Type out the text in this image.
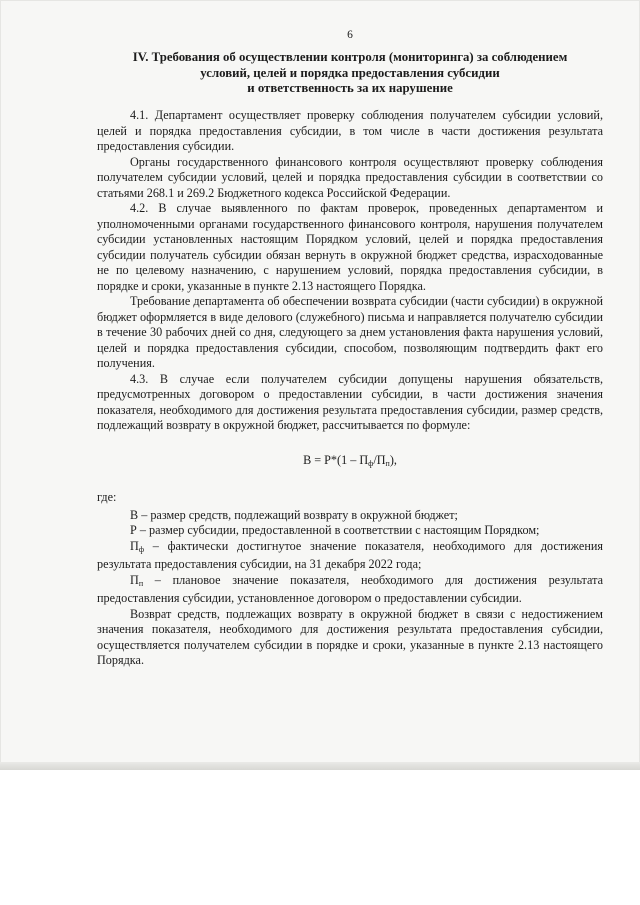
6
IV. Требования об осуществлении контроля (мониторинга) за соблюдением
условий, целей и порядка предоставления субсидии
и ответственность за их нарушение

4.1. Департамент осуществляет проверку соблюдения получателем субсидии условий, целей и порядка предоставления субсидии, в том числе в части достижения результата предоставления субсидии.

Органы государственного финансового контроля осуществляют проверку соблюдения получателем субсидии условий, целей и порядка предоставления субсидии в соответствии со статьями 268.1 и 269.2 Бюджетного кодекса Российской Федерации.

4.2. В случае выявленного по фактам проверок, проведенных департаментом и уполномоченными органами государственного финансового контроля, нарушения получателем субсидии установленных настоящим Порядком условий, целей и порядка предоставления субсидии получатель субсидии обязан вернуть в окружной бюджет средства, израсходованные не по целевому назначению, с нарушением условий, порядка предоставления субсидии, в порядке и сроки, указанные в пункте 2.13 настоящего Порядка.

Требование департамента об обеспечении возврата субсидии (части субсидии) в окружной бюджет оформляется в виде делового (служебного) письма и направляется получателю субсидии в течение 30 рабочих дней со дня, следующего за днем установления факта нарушения условий, целей и порядка предоставления субсидии, способом, позволяющим подтвердить факт его получения.

4.3. В случае если получателем субсидии допущены нарушения обязательств, предусмотренных договором о предоставлении субсидии, в части достижения значения показателя, необходимого для достижения результата предоставления субсидии, размер средств, подлежащий возврату в окружной бюджет, рассчитывается по формуле:

$В = Р*(1 - П_ф/П_п)$,

где:

В – размер средств, подлежащий возврату в окружной бюджет;

Р – размер субсидии, предоставленной в соответствии с настоящим Порядком;

$П_ф$ – фактически достигнутое значение показателя, необходимого для достижения результата предоставления субсидии, на 31 декабря 2022 года;

$П_п$ – плановое значение показателя, необходимого для достижения результата предоставления субсидии, установленное договором о предоставлении субсидии.

Возврат средств, подлежащих возврату в окружной бюджет в связи с недостижением значения показателя, необходимого для достижения результата предоставления субсидии, осуществляется получателем субсидии в порядке и сроки, указанные в пункте 2.13 настоящего Порядка.
